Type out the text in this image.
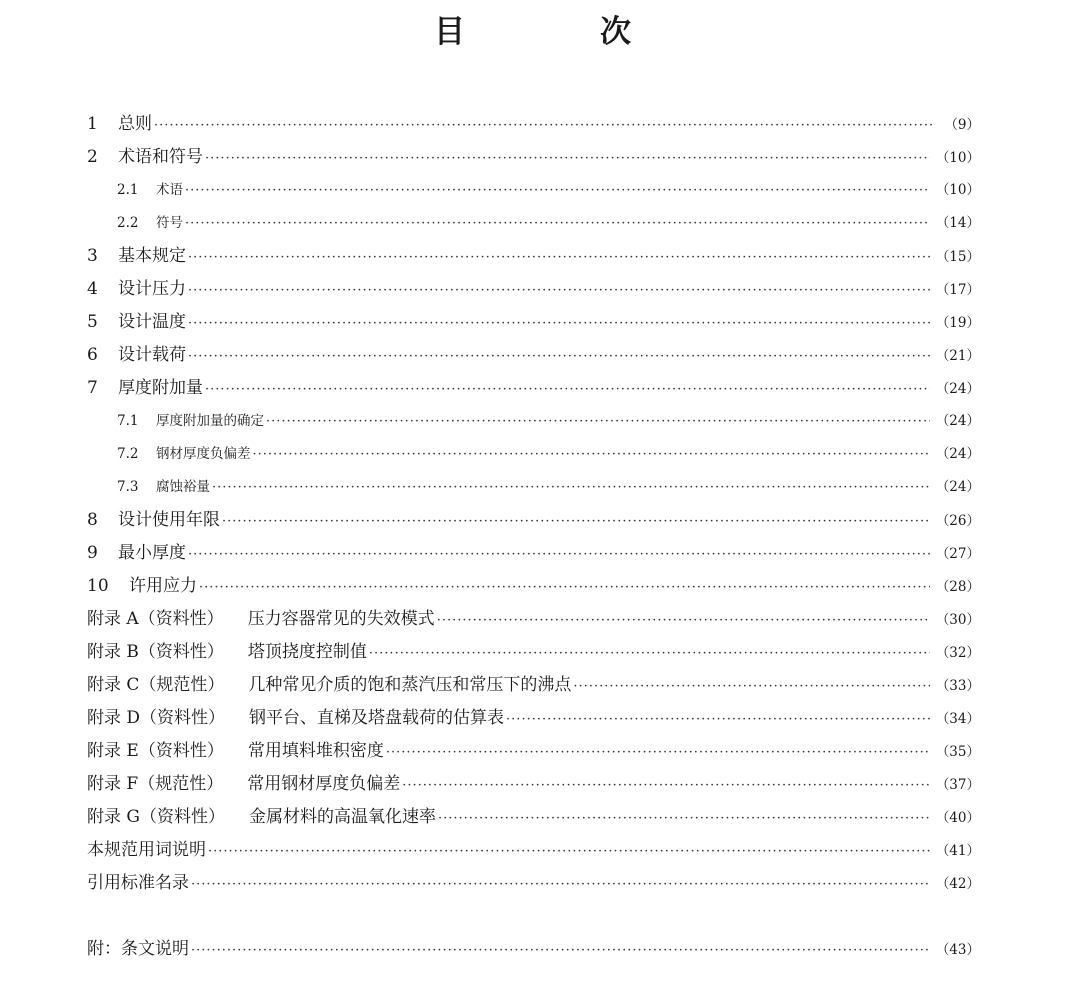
目　次
1	总则 ·····	（9）
2	术语和符号 ·····	（10）
2.1	术语 ·····	（10）
2.2	符号 ·····	（14）
3	基本规定 ·····	（15）
4	设计压力 ·····	（17）
5	设计温度 ·····	（19）
6	设计载荷 ·····	（21）
7	厚度附加量 ·····	（24）
7.1	厚度附加量的确定 ·····	（24）
7.2	钢材厚度负偏差 ·····	（24）
7.3	腐蚀裕量 ·····	（24）
8	设计使用年限 ·····	（26）
9	最小厚度 ·····	（27）
10	许用应力 ·····	（28）
附录 A（资料性） 压力容器常见的失效模式 ·····	（30）
附录 B（资料性） 塔顶挠度控制值 ·····	（32）
附录 C（规范性） 几种常见介质的饱和蒸汽压和常压下的沸点 ·····	（33）
附录 D（资料性） 钢平台、直梯及塔盘载荷的估算表 ·····	（34）
附录 E（资料性） 常用填料堆积密度 ·····	（35）
附录 F（规范性） 常用钢材厚度负偏差 ·····	（37）
附录 G（资料性） 金属材料的高温氧化速率 ·····	（40）
本规范用词说明 ·····	（41）
引用标准名录 ·····	（42）
附：条文说明 ·····	（43）
